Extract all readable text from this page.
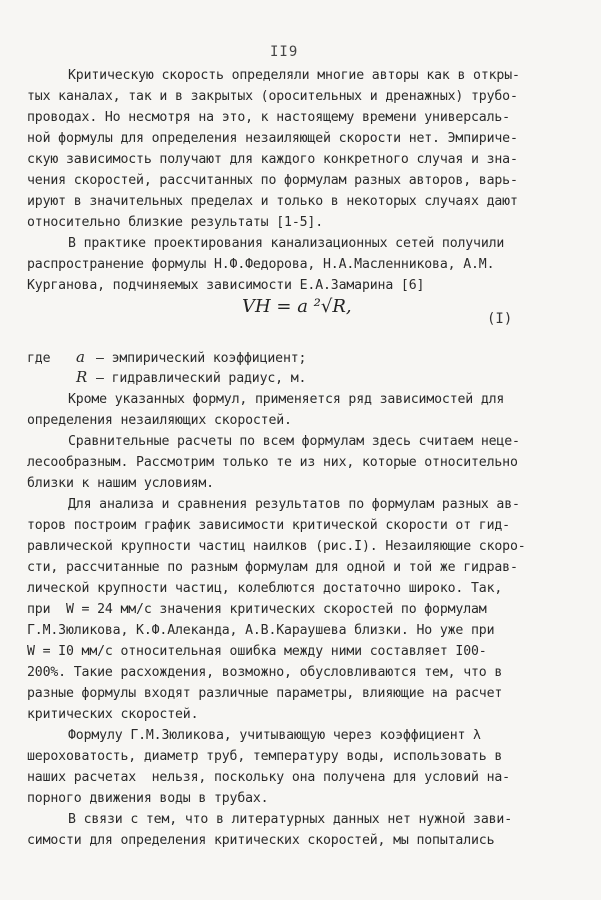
II9
Критическую скорость определяли многие авторы как в откры-
тых каналах, так и в закрытых (оросительных и дренажных) трубо-
проводах. Но несмотря на это, к настоящему времени универсаль-
ной формулы для определения незаиляющей скорости нет. Эмпириче-
скую зависимость получают для каждого конкретного случая и зна-
чения скоростей, рассчитанных по формулам разных авторов, варь-
ируют в значительных пределах и только в некоторых случаях дают
относительно близкие результаты [1-5].
В практике проектирования канализационных сетей получили
распространение формулы Н.Ф.Федорова, Н.А.Масленникова, А.М.
Курганова, подчиняемых зависимости Е.А.Замарина [6]
VН = a ²√R,
(I)
где a – эмпирический коэффициент;
R – гидравлический радиус, м.
Кроме указанных формул, применяется ряд зависимостей для
определения незаиляющих скоростей.
Сравнительные расчеты по всем формулам здесь считаем неце-
лесообразным. Рассмотрим только те из них, которые относительно
близки к нашим условиям.
Для анализа и сравнения результатов по формулам разных ав-
торов построим график зависимости критической скорости от гид-
равлической крупности частиц наилков (рис.I). Незаиляющие скоро-
сти, рассчитанные по разным формулам для одной и той же гидрав-
лической крупности частиц, колеблются достаточно широко. Так,
при  W = 24 мм/с значения критических скоростей по формулам
Г.М.Зюликова, К.Ф.Алеканда, А.В.Караушева близки. Но уже при
W = I0 мм/с относительная ошибка между ними составляет I00-
200%. Такие расхождения, возможно, обусловливаются тем, что в
разные формулы входят различные параметры, влияющие на расчет
критических скоростей.
Формулу Г.М.Зюликова, учитывающую через коэффициент λ
шероховатость, диаметр труб, температуру воды, использовать в
наших расчетах  нельзя, поскольку она получена для условий на-
порного движения воды в трубах.
В связи с тем, что в литературных данных нет нужной зави-
симости для определения критических скоростей, мы попытались
